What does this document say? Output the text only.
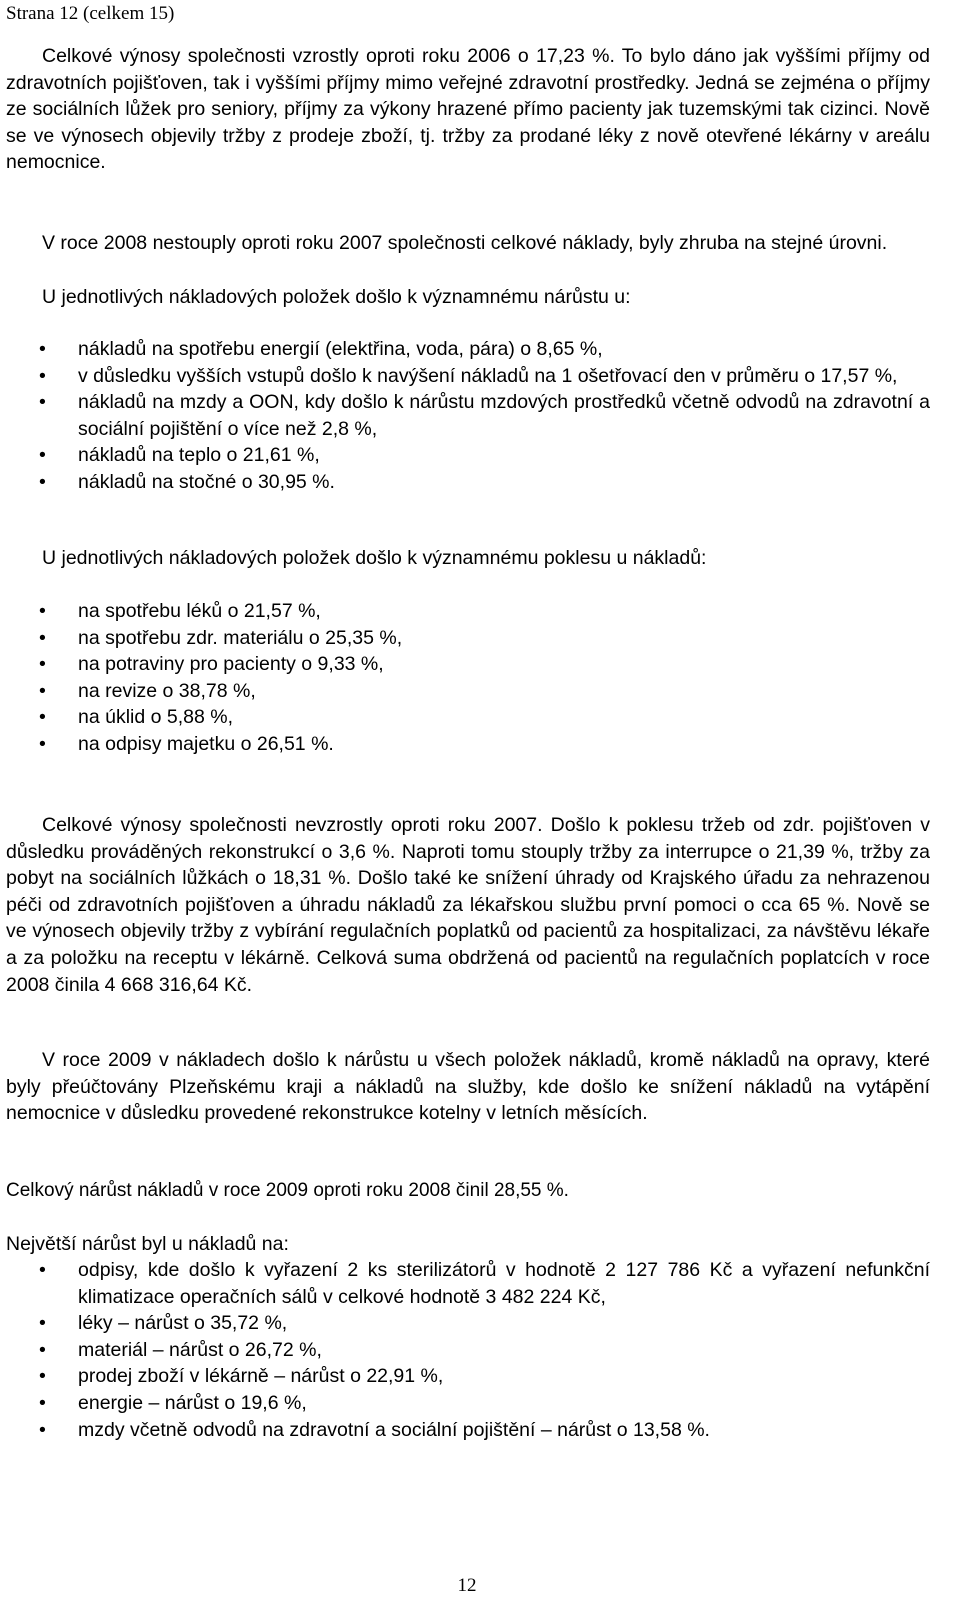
Strana 12 (celkem 15)

Celkové výnosy společnosti vzrostly oproti roku 2006 o 17,23 %. To bylo dáno jak vyššími příjmy od zdravotních pojišťoven, tak i vyššími příjmy mimo veřejné zdravotní prostředky. Jedná se zejména o příjmy ze sociálních lůžek pro seniory, příjmy za výkony hrazené přímo pacienty jak tuzemskými tak cizinci. Nově se ve výnosech objevily tržby z prodeje zboží, tj. tržby za prodané léky z nově otevřené lékárny v areálu nemocnice.

V roce 2008 nestouply oproti roku 2007 společnosti celkové náklady, byly zhruba na stejné úrovni.

U jednotlivých nákladových položek došlo k významnému nárůstu u:

• nákladů na spotřebu energií (elektřina, voda, pára) o 8,65 %,
• v důsledku vyšších vstupů došlo k navýšení nákladů na 1 ošetřovací den v průměru o 17,57 %,
• nákladů na mzdy a OON, kdy došlo k nárůstu mzdových prostředků včetně odvodů na zdravotní a sociální pojištění o více než 2,8 %,
• nákladů na teplo o 21,61 %,
• nákladů na stočné o 30,95 %.

U jednotlivých nákladových položek došlo k významnému poklesu u nákladů:

• na spotřebu léků o 21,57 %,
• na spotřebu zdr. materiálu o 25,35 %,
• na potraviny pro pacienty o 9,33 %,
• na revize o 38,78 %,
• na úklid o 5,88 %,
• na odpisy majetku o 26,51 %.

Celkové výnosy společnosti nevzrostly oproti roku 2007. Došlo k poklesu tržeb od zdr. pojišťoven v důsledku prováděných rekonstrukcí o 3,6 %. Naproti tomu stouply tržby za interrupce o 21,39 %, tržby za pobyt na sociálních lůžkách o 18,31 %. Došlo také ke snížení úhrady od Krajského úřadu za nehrazenou péči od zdravotních pojišťoven a úhradu nákladů za lékařskou službu první pomoci o cca 65 %. Nově se ve výnosech objevily tržby z vybírání regulačních poplatků od pacientů za hospitalizaci, za návštěvu lékaře a za položku na receptu v lékárně. Celková suma obdržená od pacientů na regulačních poplatcích v roce 2008 činila 4 668 316,64 Kč.

V roce 2009 v nákladech došlo k nárůstu u všech položek nákladů, kromě nákladů na opravy, které byly přeúčtovány Plzeňskému kraji a nákladů na služby, kde došlo ke snížení nákladů na vytápění nemocnice v důsledku provedené rekonstrukce kotelny v letních měsících.

Celkový nárůst nákladů v roce 2009 oproti roku 2008 činil 28,55 %.

Největší nárůst byl u nákladů na:

• odpisy, kde došlo k vyřazení 2 ks sterilizátorů v hodnotě 2 127 786 Kč a vyřazení nefunkční klimatizace operačních sálů v celkové hodnotě 3 482 224 Kč,
• léky – nárůst o 35,72 %,
• materiál – nárůst o 26,72 %,
• prodej zboží v lékárně – nárůst o 22,91 %,
• energie – nárůst o 19,6 %,
• mzdy včetně odvodů na zdravotní a sociální pojištění – nárůst o 13,58 %.
12
